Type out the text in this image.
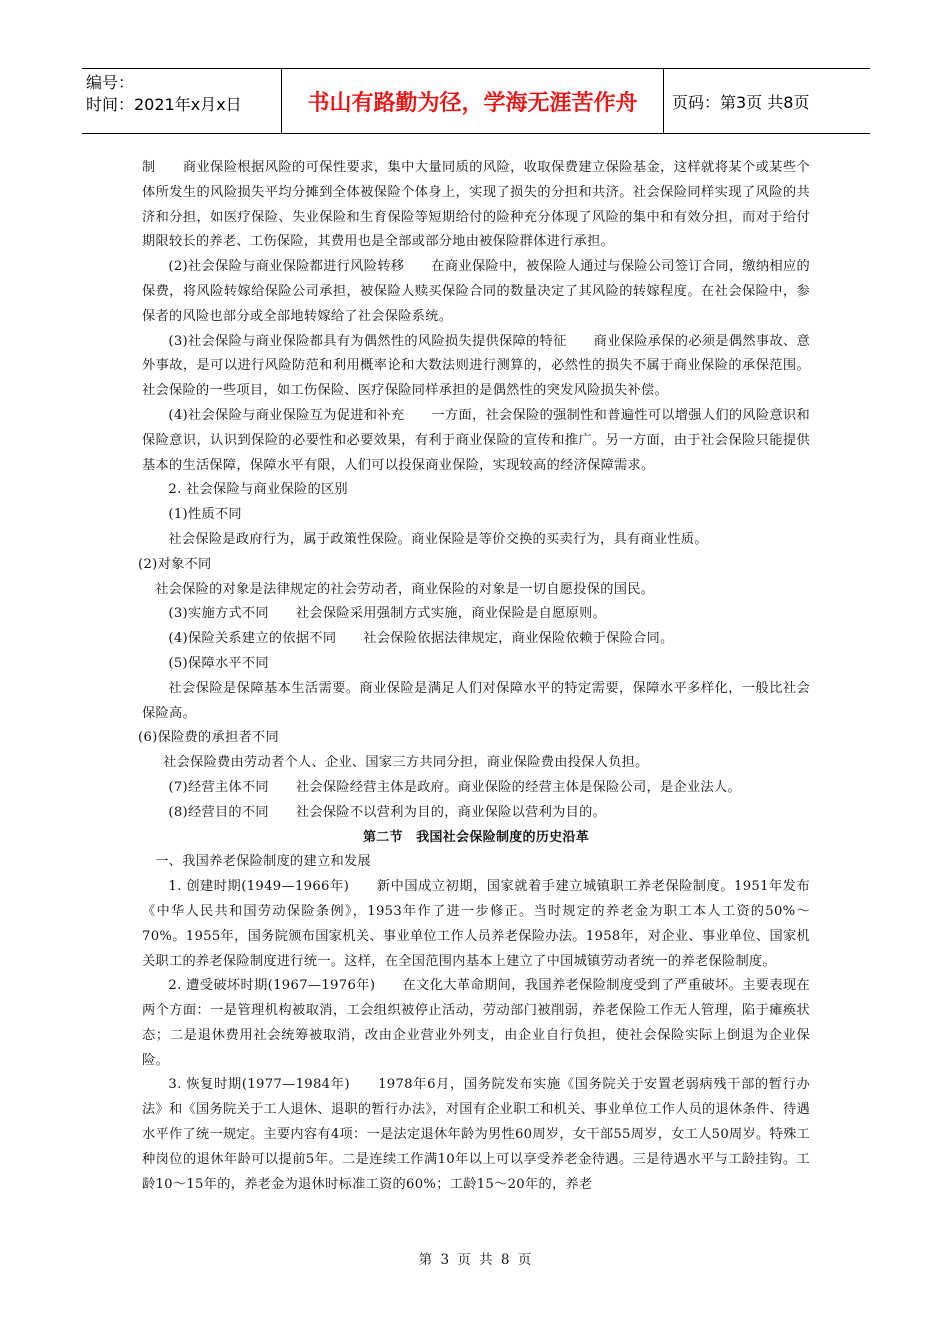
编号：
时间：2021年x月x日	书山有路勤为径，学海无涯苦作舟	页码：第3页 共8页

制　　商业保险根据风险的可保性要求，集中大量同质的风险，收取保费建立保险基金，这样就将某个或某些个体所发生的风险损失平均分摊到全体被保险个体身上，实现了损失的分担和共济。社会保险同样实现了风险的共济和分担，如医疗保险、失业保险和生育保险等短期给付的险种充分体现了风险的集中和有效分担，而对于给付期限较长的养老、工伤保险，其费用也是全部或部分地由被保险群体进行承担。

(2)社会保险与商业保险都进行风险转移　　在商业保险中，被保险人通过与保险公司签订合同，缴纳相应的保费，将风险转嫁给保险公司承担，被保险人赎买保险合同的数量决定了其风险的转嫁程度。在社会保险中，参保者的风险也部分或全部地转嫁给了社会保险系统。

(3)社会保险与商业保险都具有为偶然性的风险损失提供保障的特征　　商业保险承保的必须是偶然事故、意外事故，是可以进行风险防范和利用概率论和大数法则进行测算的，必然性的损失不属于商业保险的承保范围。社会保险的一些项目，如工伤保险、医疗保险同样承担的是偶然性的突发风险损失补偿。

(4)社会保险与商业保险互为促进和补充　　一方面，社会保险的强制性和普遍性可以增强人们的风险意识和保险意识，认识到保险的必要性和必要效果，有利于商业保险的宣传和推广。另一方面，由于社会保险只能提供基本的生活保障，保障水平有限，人们可以投保商业保险，实现较高的经济保障需求。

2. 社会保险与商业保险的区别

(1)性质不同

社会保险是政府行为，属于政策性保险。商业保险是等价交换的买卖行为，具有商业性质。

(2)对象不同

社会保险的对象是法律规定的社会劳动者，商业保险的对象是一切自愿投保的国民。

(3)实施方式不同　　社会保险采用强制方式实施，商业保险是自愿原则。

(4)保险关系建立的依据不同　　社会保险依据法律规定，商业保险依赖于保险合同。

(5)保障水平不同

社会保险是保障基本生活需要。商业保险是满足人们对保障水平的特定需要，保障水平多样化，一般比社会保险高。

(6)保险费的承担者不同

社会保险费由劳动者个人、企业、国家三方共同分担，商业保险费由投保人负担。

(7)经营主体不同　　社会保险经营主体是政府。商业保险的经营主体是保险公司，是企业法人。

(8)经营目的不同　　社会保险不以营利为目的，商业保险以营利为目的。

第二节　我国社会保险制度的历史沿革

一、我国养老保险制度的建立和发展

1. 创建时期(1949—1966年)　　新中国成立初期，国家就着手建立城镇职工养老保险制度。1951年发布《中华人民共和国劳动保险条例》，1953年作了进一步修正。当时规定的养老金为职工本人工资的50%～70%。1955年，国务院颁布国家机关、事业单位工作人员养老保险办法。1958年，对企业、事业单位、国家机关职工的养老保险制度进行统一。这样，在全国范围内基本上建立了中国城镇劳动者统一的养老保险制度。

2. 遭受破坏时期(1967—1976年)　　在文化大革命期间，我国养老保险制度受到了严重破坏。主要表现在两个方面：一是管理机构被取消，工会组织被停止活动，劳动部门被削弱，养老保险工作无人管理，陷于瘫痪状态；二是退休费用社会统筹被取消，改由企业营业外列支，由企业自行负担，使社会保险实际上倒退为企业保险。

3. 恢复时期(1977—1984年)　　1978年6月，国务院发布实施《国务院关于安置老弱病残干部的暂行办法》和《国务院关于工人退休、退职的暂行办法》，对国有企业职工和机关、事业单位工作人员的退休条件、待遇水平作了统一规定。主要内容有4项：一是法定退休年龄为男性60周岁，女干部55周岁，女工人50周岁。特殊工种岗位的退休年龄可以提前5年。二是连续工作满10年以上可以享受养老金待遇。三是待遇水平与工龄挂钩。工龄10～15年的，养老金为退休时标准工资的60%；工龄15～20年的，养老

第 3 页 共 8 页
